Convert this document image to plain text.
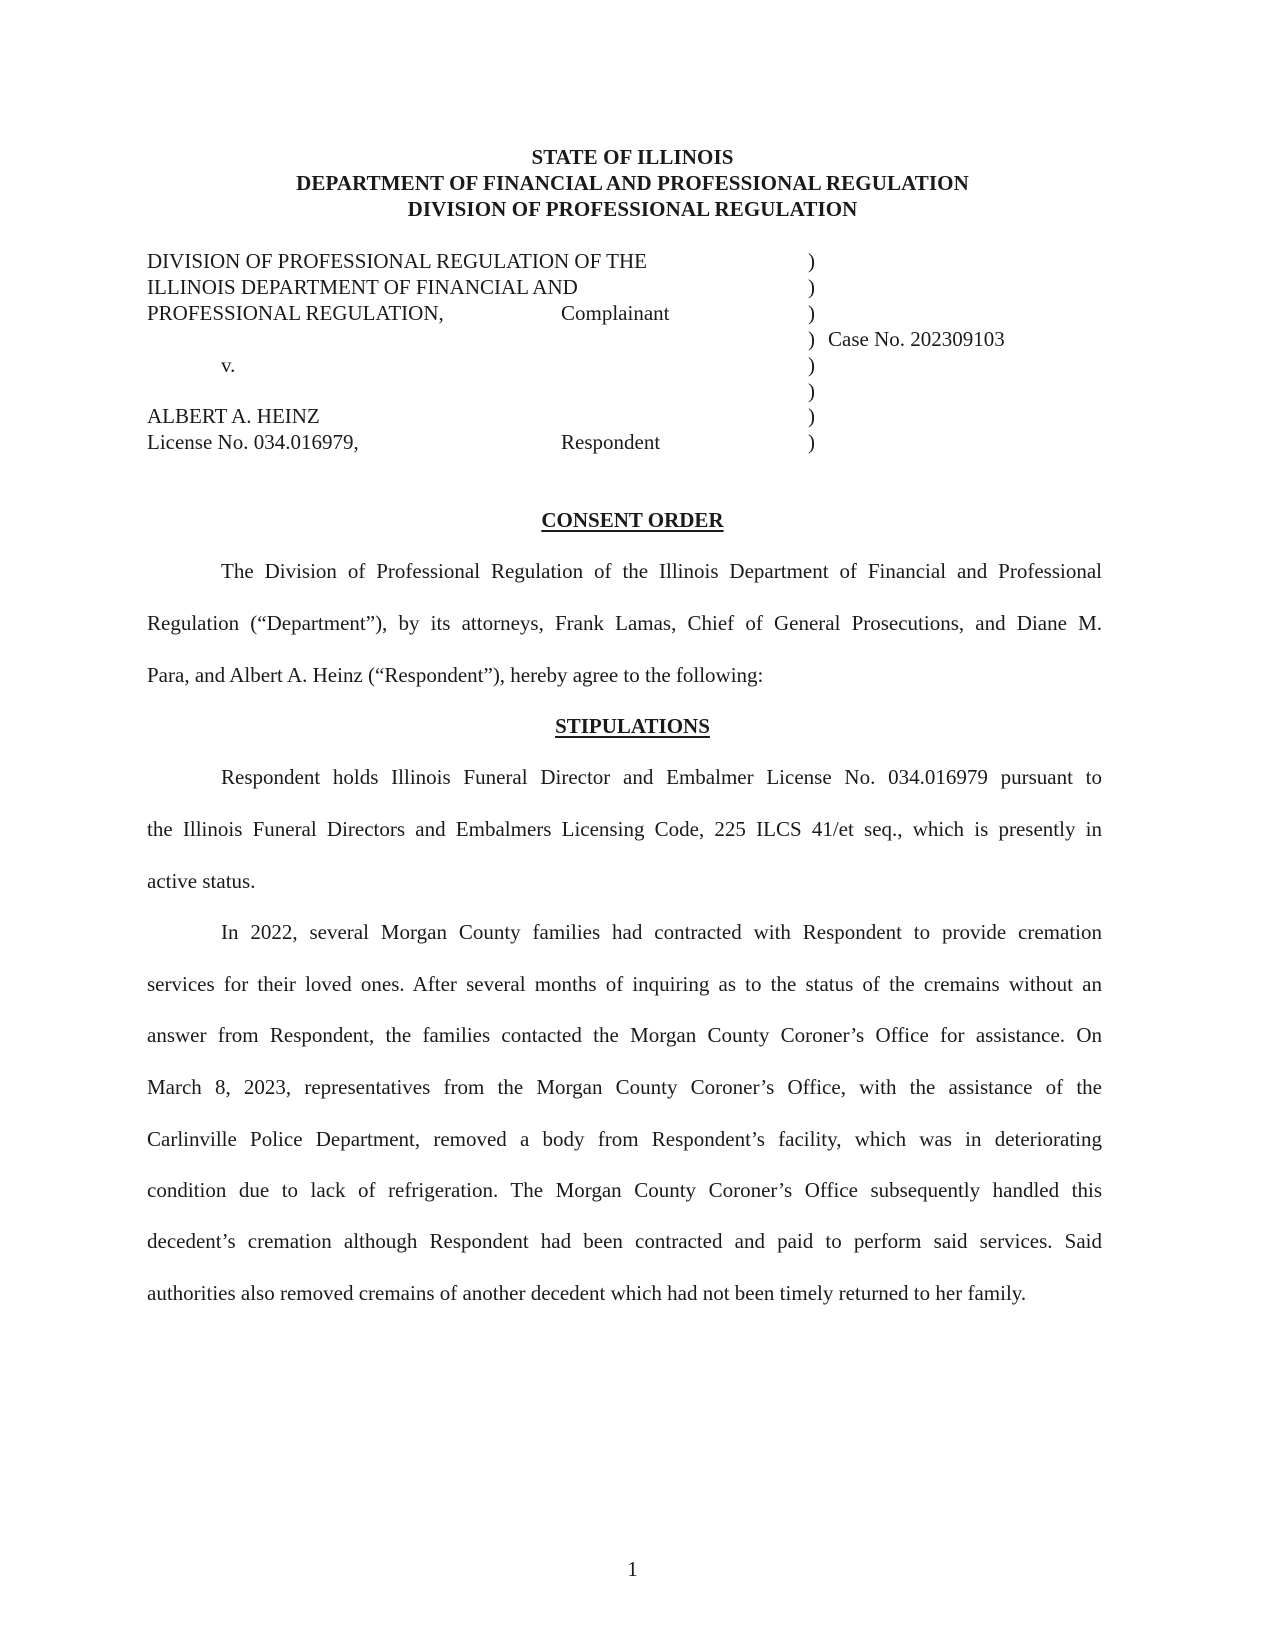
STATE OF ILLINOIS
DEPARTMENT OF FINANCIAL AND PROFESSIONAL REGULATION
DIVISION OF PROFESSIONAL REGULATION
DIVISION OF PROFESSIONAL REGULATION OF THE
ILLINOIS DEPARTMENT OF FINANCIAL AND
PROFESSIONAL REGULATION,	Complainant
v.
ALBERT A. HEINZ
License No. 034.016979,	Respondent
)
)
)
)
)
)
)
)
Case No. 202309103
CONSENT ORDER
The Division of Professional Regulation of the Illinois Department of Financial and Professional
Regulation (“Department”), by its attorneys, Frank Lamas, Chief of General Prosecutions, and Diane M.
Para, and Albert A. Heinz (“Respondent”), hereby agree to the following:
STIPULATIONS
Respondent holds Illinois Funeral Director and Embalmer License No. 034.016979 pursuant to
the Illinois Funeral Directors and Embalmers Licensing Code, 225 ILCS 41/et seq., which is presently in
active status.
In 2022, several Morgan County families had contracted with Respondent to provide cremation
services for their loved ones. After several months of inquiring as to the status of the cremains without an
answer from Respondent, the families contacted the Morgan County Coroner’s Office for assistance. On
March 8, 2023, representatives from the Morgan County Coroner’s Office, with the assistance of the
Carlinville Police Department, removed a body from Respondent’s facility, which was in deteriorating
condition due to lack of refrigeration. The Morgan County Coroner’s Office subsequently handled this
decedent’s cremation although Respondent had been contracted and paid to perform said services. Said
authorities also removed cremains of another decedent which had not been timely returned to her family.
1
